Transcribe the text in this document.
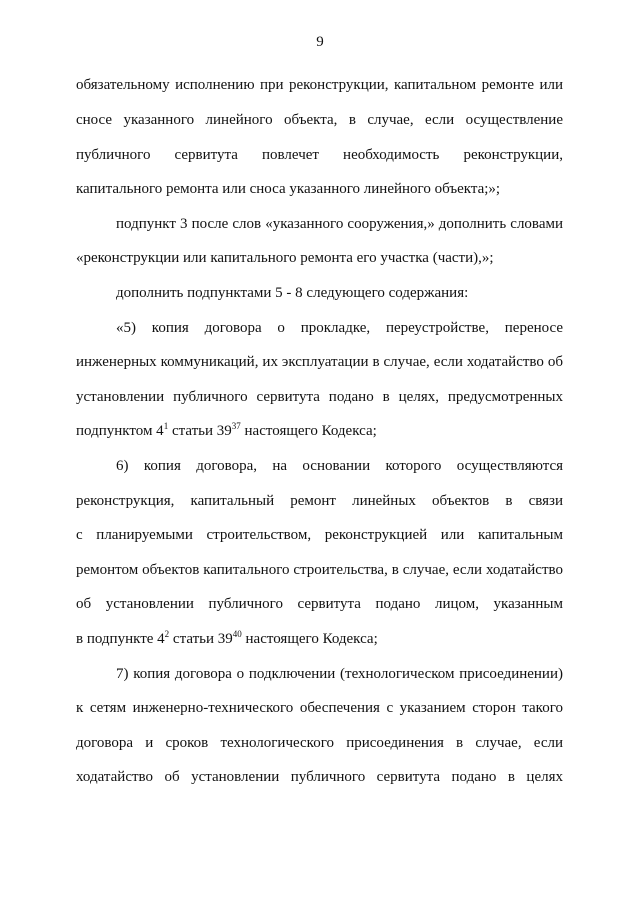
9
обязательному исполнению при реконструкции, капитальном ремонте или
сносе указанного линейного объекта, в случае, если осуществление
публичного сервитута повлечет необходимость реконструкции,
капитального ремонта или сноса указанного линейного объекта;»;
подпункт 3 после слов «указанного сооружения,» дополнить словами
«реконструкции или капитального ремонта его участка (части),»;
дополнить подпунктами 5 - 8 следующего содержания:
«5) копия договора о прокладке, переустройстве, переносе
инженерных коммуникаций, их эксплуатации в случае, если ходатайство об
установлении публичного сервитута подано в целях, предусмотренных
подпунктом $4^1$ статьи $39^{37}$ настоящего Кодекса;
6) копия договора, на основании которого осуществляются
реконструкция, капитальный ремонт линейных объектов в связи
с планируемыми строительством, реконструкцией или капитальным
ремонтом объектов капитального строительства, в случае, если ходатайство
об установлении публичного сервитута подано лицом, указанным
в подпункте $4^2$ статьи $39^{40}$ настоящего Кодекса;
7) копия договора о подключении (технологическом присоединении)
к сетям инженерно-технического обеспечения с указанием сторон такого
договора и сроков технологического присоединения в случае, если
ходатайство об установлении публичного сервитута подано в целях
